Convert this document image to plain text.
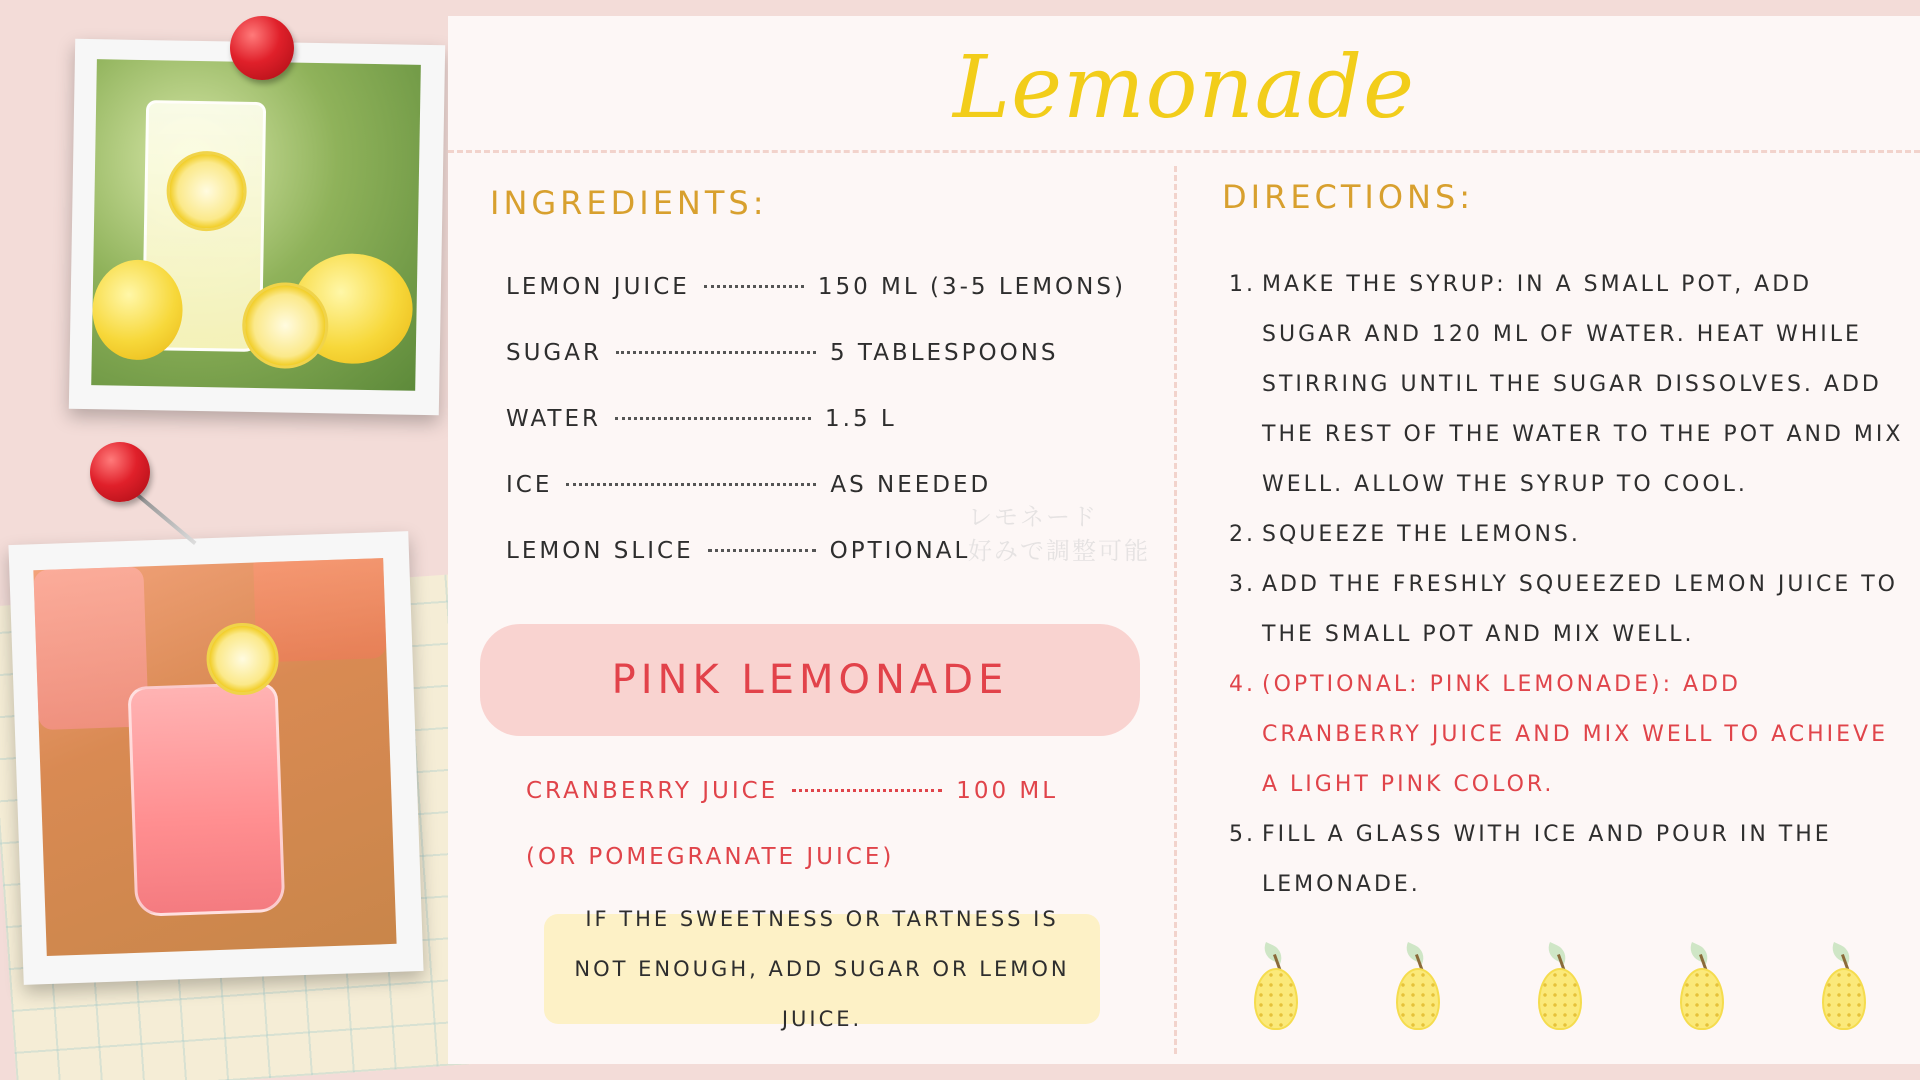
Lemonade
レモネード
好みで調整可能
INGREDIENTS:
LEMON JUICE	150 ML (3-5 LEMONS)
SUGAR	5 TABLESPOONS
WATER	1.5 L
ICE	AS NEEDED
LEMON SLICE	OPTIONAL
PINK LEMONADE
CRANBERRY JUICE	100 ML
(OR POMEGRANATE JUICE)
IF THE SWEETNESS OR TARTNESS IS NOT ENOUGH, ADD SUGAR OR LEMON JUICE.
DIRECTIONS:
1. MAKE THE SYRUP: IN A SMALL POT, ADD SUGAR AND 120 ML OF WATER. HEAT WHILE STIRRING UNTIL THE SUGAR DISSOLVES. ADD THE REST OF THE WATER TO THE POT AND MIX WELL. ALLOW THE SYRUP TO COOL.
2. SQUEEZE THE LEMONS.
3. ADD THE FRESHLY SQUEEZED LEMON JUICE TO THE SMALL POT AND MIX WELL.
4. (OPTIONAL: PINK LEMONADE): ADD CRANBERRY JUICE AND MIX WELL TO ACHIEVE A LIGHT PINK COLOR.
5. FILL A GLASS WITH ICE AND POUR IN THE LEMONADE.
